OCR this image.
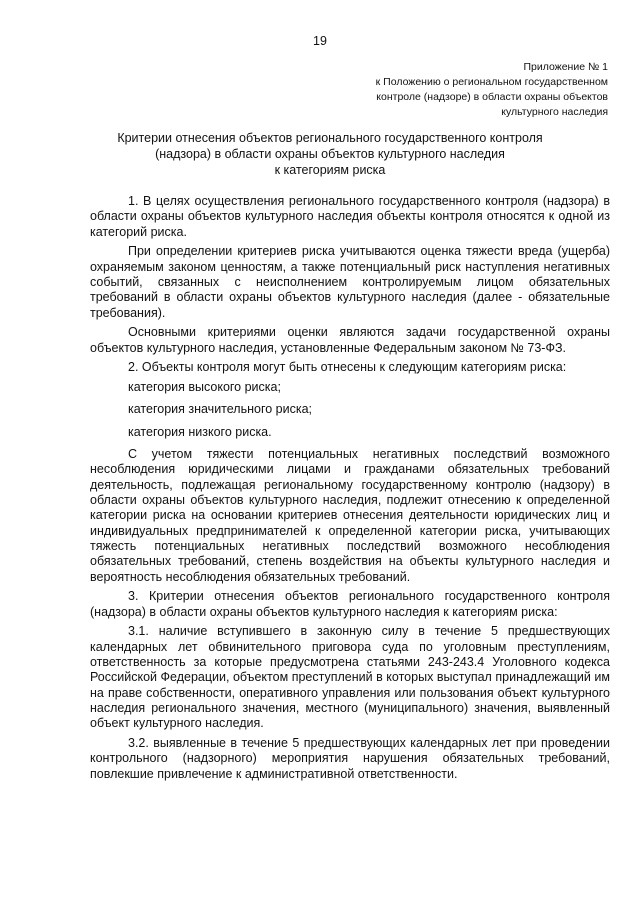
19
Приложение № 1
к Положению о региональном государственном
контроле (надзоре) в области охраны объектов
культурного наследия
Критерии отнесения объектов регионального государственного контроля
(надзора) в области охраны объектов культурного наследия
к категориям риска

1. В целях осуществления регионального государственного контроля (надзора) в области охраны объектов культурного наследия объекты контроля относятся к одной из категорий риска.

При определении критериев риска учитываются оценка тяжести вреда (ущерба) охраняемым законом ценностям, а также потенциальный риск наступления негативных событий, связанных с неисполнением контролируемым лицом обязательных требований в области охраны объектов культурного наследия (далее - обязательные требования).

Основными критериями оценки являются задачи государственной охраны объектов культурного наследия, установленные Федеральным законом № 73-ФЗ.

2. Объекты контроля могут быть отнесены к следующим категориям риска:

категория высокого риска;

категория значительного риска;

категория низкого риска.

С учетом тяжести потенциальных негативных последствий возможного несоблюдения юридическими лицами и гражданами обязательных требований деятельность, подлежащая региональному государственному контролю (надзору) в области охраны объектов культурного наследия, подлежит отнесению к определенной категории риска на основании критериев отнесения деятельности юридических лиц и индивидуальных предпринимателей к определенной категории риска, учитывающих тяжесть потенциальных негативных последствий возможного несоблюдения обязательных требований, степень воздействия на объекты культурного наследия и вероятность несоблюдения обязательных требований.

3. Критерии отнесения объектов регионального государственного контроля (надзора) в области охраны объектов культурного наследия к категориям риска:

3.1. наличие вступившего в законную силу в течение 5 предшествующих календарных лет обвинительного приговора суда по уголовным преступлениям, ответственность за которые предусмотрена статьями 243-243.4 Уголовного кодекса Российской Федерации, объектом преступлений в которых выступал принадлежащий им на праве собственности, оперативного управления или пользования объект культурного наследия регионального значения, местного (муниципального) значения, выявленный объект культурного наследия.

3.2. выявленные в течение 5 предшествующих календарных лет при проведении контрольного (надзорного) мероприятия нарушения обязательных требований, повлекшие привлечение к административной ответственности.
